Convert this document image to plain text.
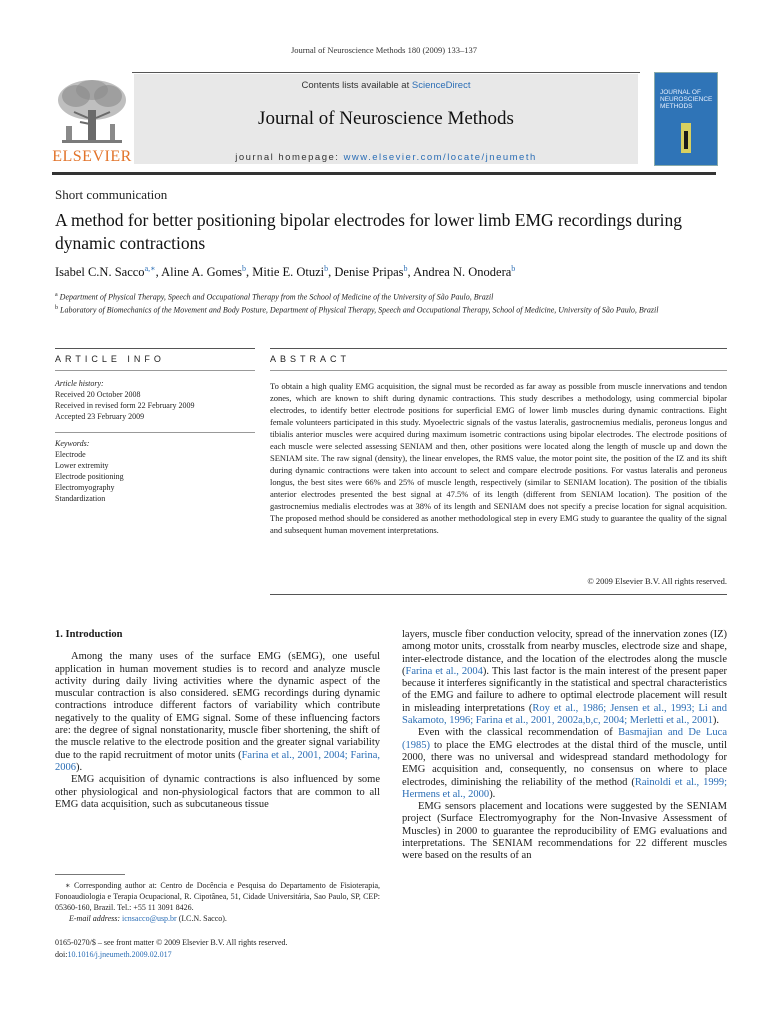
Journal of Neuroscience Methods 180 (2009) 133–137
ELSEVIER
Contents lists available at ScienceDirect
Journal of Neuroscience Methods
journal homepage: www.elsevier.com/locate/jneumeth
JOURNAL OF
NEUROSCIENCE
METHODS
Short communication
A method for better positioning bipolar electrodes for lower limb EMG recordings during dynamic contractions
Isabel C.N. Sacco$^{a,∗}$, Aline A. Gomes$^b$, Mitie E. Otuzi$^b$, Denise Pripas$^b$, Andrea N. Onodera$^b$
$^a$ Department of Physical Therapy, Speech and Occupational Therapy from the School of Medicine of the University of São Paulo, Brazil
$^b$ Laboratory of Biomechanics of the Movement and Body Posture, Department of Physical Therapy, Speech and Occupational Therapy, School of Medicine, University of São Paulo, Brazil
ARTICLE INFO	ABSTRACT
Article history:
Received 20 October 2008
Received in revised form 22 February 2009
Accepted 23 February 2009
Keywords:
Electrode
Lower extremity
Electrode positioning
Electromyography
Standardization
To obtain a high quality EMG acquisition, the signal must be recorded as far away as possible from muscle innervations and tendon zones, which are known to shift during dynamic contractions. This study describes a methodology, using commercial bipolar electrodes, to identify better electrode positions for superficial EMG of lower limb muscles during dynamic contractions. Eight female volunteers participated in this study. Myoelectric signals of the vastus lateralis, gastrocnemius medialis, peroneus longus and tibialis anterior muscles were acquired during maximum isometric contractions using bipolar electrodes. The electrode positions of each muscle were selected assessing SENIAM and then, other positions were located along the length of muscle up and down the SENIAM site. The raw signal (density), the linear envelopes, the RMS value, the motor point site, the position of the IZ and its shift during dynamic contractions were taken into account to select and compare electrode positions. For vastus lateralis and peroneus longus, the best sites were 66% and 25% of muscle length, respectively (similar to SENIAM location). The position of the tibialis anterior electrodes presented the best signal at 47.5% of its length (different from SENIAM location). The position of the gastrocnemius medialis electrodes was at 38% of its length and SENIAM does not specify a precise location for signal acquisition. The proposed method should be considered as another methodological step in every EMG study to guarantee the quality of the signal and subsequent human movement interpretations.
© 2009 Elsevier B.V. All rights reserved.

1. Introduction

Among the many uses of the surface EMG (sEMG), one useful application in human movement studies is to record and analyze muscle activity during daily living activities where the dynamic aspect of the muscular contraction is also considered. sEMG recordings during dynamic contractions introduce different factors of variability which contribute negatively to the quality of EMG signal. Some of these influencing factors are: the degree of signal nonstationarity, muscle fiber shortening, the shift of the muscle relative to the electrode position and the greater signal variability due to the rapid recruitment of motor units (Farina et al., 2001, 2004; Farina, 2006).

EMG acquisition of dynamic contractions is also influenced by some other physiological and non-physiological factors that are common to all EMG data acquisition, such as subcutaneous tissue

∗ Corresponding author at: Centro de Docência e Pesquisa do Departamento de Fisioterapia, Fonoaudiologia e Terapia Ocupacional, R. Cipotânea, 51, Cidade Universitária, Sao Paulo, SP, CEP: 05360-160, Brazil. Tel.: +55 11 3091 8426.
E-mail address: icnsacco@usp.br (I.C.N. Sacco).
0165-0270/$ – see front matter © 2009 Elsevier B.V. All rights reserved.
doi:10.1016/j.jneumeth.2009.02.017

layers, muscle fiber conduction velocity, spread of the innervation zones (IZ) among motor units, crosstalk from nearby muscles, electrode size and shape, inter-electrode distance, and the location of the electrodes along the muscle (Farina et al., 2004). This last factor is the main interest of the present paper because it interferes significantly in the statistical and spectral characteristics of the EMG and failure to adhere to optimal electrode placement will result in misleading interpretations (Roy et al., 1986; Jensen et al., 1993; Li and Sakamoto, 1996; Farina et al., 2001, 2002a,b,c, 2004; Merletti et al., 2001).

Even with the classical recommendation of Basmajian and De Luca (1985) to place the EMG electrodes at the distal third of the muscle, until 2000, there was no universal and widespread standard methodology for EMG acquisition and, consequently, no consensus on where to place electrodes, diminishing the reliability of the method (Rainoldi et al., 1999; Hermens et al., 2000).

EMG sensors placement and locations were suggested by the SENIAM project (Surface Electromyography for the Non-Invasive Assessment of Muscles) in 2000 to guarantee the reproducibility of EMG evaluations and interpretations. The SENIAM recommendations for 22 different muscles were based on the results of an
